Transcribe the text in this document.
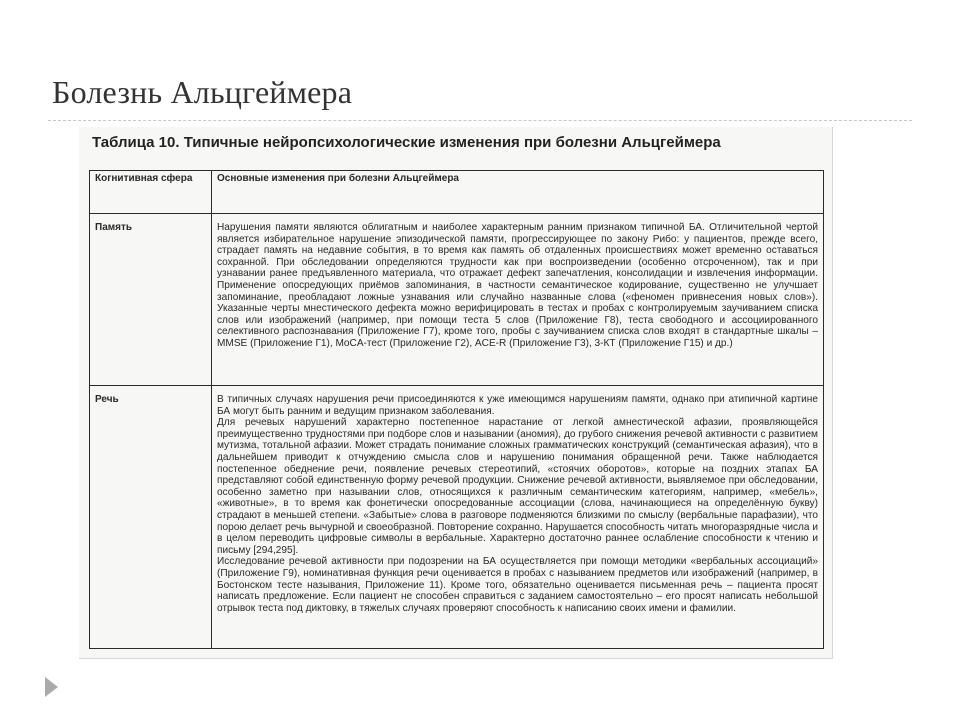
Болезнь Альцгеймера
Таблица 10. Типичные нейропсихологические изменения при болезни Альцгеймера
Когнитивная сфера	Основные изменения при болезни Альцгеймера
Память	Нарушения памяти являются облигатным и наиболее характерным ранним признаком типичной БА. Отличительной чертой является избирательное нарушение эпизодической памяти, прогрессирующее по закону Рибо: у пациентов, прежде всего, страдает память на недавние события, в то время как память об отдаленных происшествиях может временно оставаться сохранной. При обследовании определяются трудности как при воспроизведении (особенно отсроченном), так и при узнавании ранее предъявленного материала, что отражает дефект запечатления, консолидации и извлечения информации. Применение опосредующих приёмов запоминания, в частности семантическое кодирование, существенно не улучшает запоминание, преобладают ложные узнавания или случайно названные слова («феномен привнесения новых слов»). Указанные черты мнестического дефекта можно верифицировать в тестах и пробах с контролируемым заучиванием списка слов или изображений (например, при помощи теста 5 слов (Приложение Г8), теста свободного и ассоциированного селективного распознавания (Приложение Г7), кроме того, пробы с заучиванием списка слов входят в стандартные шкалы – MMSE (Приложение Г1), MoCA-тест (Приложение Г2), ACE-R (Приложение Г3), 3-КТ (Приложение Г15) и др.)

Речь	В типичных случаях нарушения речи присоединяются к уже имеющимся нарушениям памяти, однако при атипичной картине БА могут быть ранним и ведущим признаком заболевания.

Для речевых нарушений характерно постепенное нарастание от легкой амнестической афазии, проявляющейся преимущественно трудностями при подборе слов и назывании (аномия), до грубого снижения речевой активности с развитием мутизма, тотальной афазии. Может страдать понимание сложных грамматических конструкций (семантическая афазия), что в дальнейшем приводит к отчуждению смысла слов и нарушению понимания обращенной речи. Также наблюдается постепенное обеднение речи, появление речевых стереотипий, «стоячих оборотов», которые на поздних этапах БА представляют собой единственную форму речевой продукции. Снижение речевой активности, выявляемое при обследовании, особенно заметно при назывании слов, относящихся к различным семантическим категориям, например, «мебель», «животные», в то время как фонетически опосредованные ассоциации (слова, начинающиеся на определённую букву) страдают в меньшей степени. «Забытые» слова в разговоре подменяются близкими по смыслу (вербальные парафазии), что порою делает речь вычурной и своеобразной. Повторение сохранно. Нарушается способность читать многоразрядные числа и в целом переводить цифровые символы в вербальные. Характерно достаточно раннее ослабление способности к чтению и письму [294,295].

Исследование речевой активности при подозрении на БА осуществляется при помощи методики «вербальных ассоциаций» (Приложение Г9), номинативная функция речи оценивается в пробах с называнием предметов или изображений (например, в Бостонском тесте называния, Приложение 11). Кроме того, обязательно оценивается письменная речь – пациента просят написать предложение. Если пациент не способен справиться с заданием самостоятельно – его просят написать небольшой отрывок теста под диктовку, в тяжелых случаях проверяют способность к написанию своих имени и фамилии.
